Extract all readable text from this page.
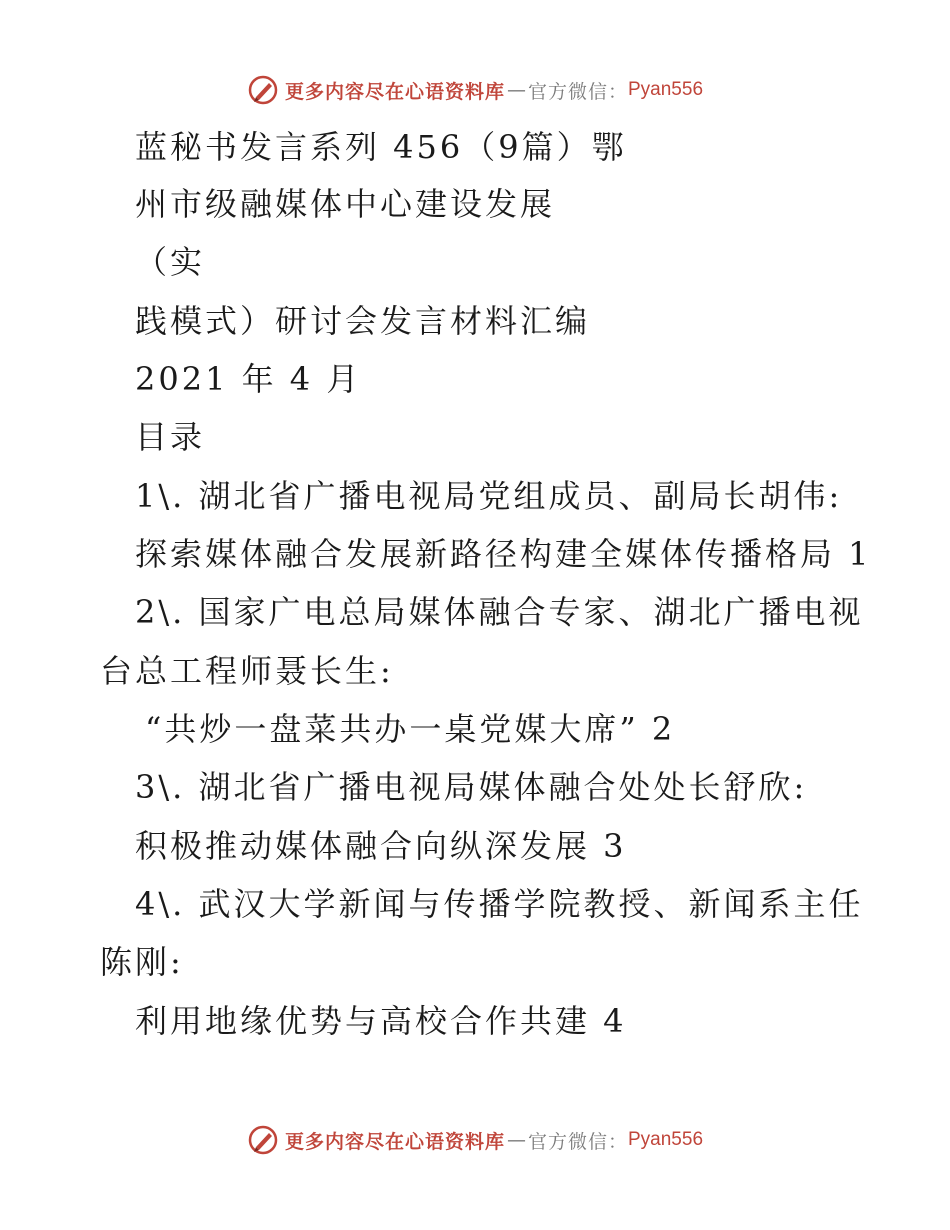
更多内容尽在心语资料库 — 官方微信： Pyan556
蓝秘书发言系列 456（9篇）鄂
州市级融媒体中心建设发展
（实
践模式）研讨会发言材料汇编
2021 年 4 月
目录
1\. 湖北省广播电视局党组成员、副局长胡伟:
探索媒体融合发展新路径构建全媒体传播格局 1
2\. 国家广电总局媒体融合专家、湖北广播电视
台总工程师聂长生:
“共炒一盘菜共办一桌党媒大席” 2
3\. 湖北省广播电视局媒体融合处处长舒欣:
积极推动媒体融合向纵深发展 3
4\. 武汉大学新闻与传播学院教授、新闻系主任
陈刚:
利用地缘优势与高校合作共建 4
更多内容尽在心语资料库 — 官方微信： Pyan556
